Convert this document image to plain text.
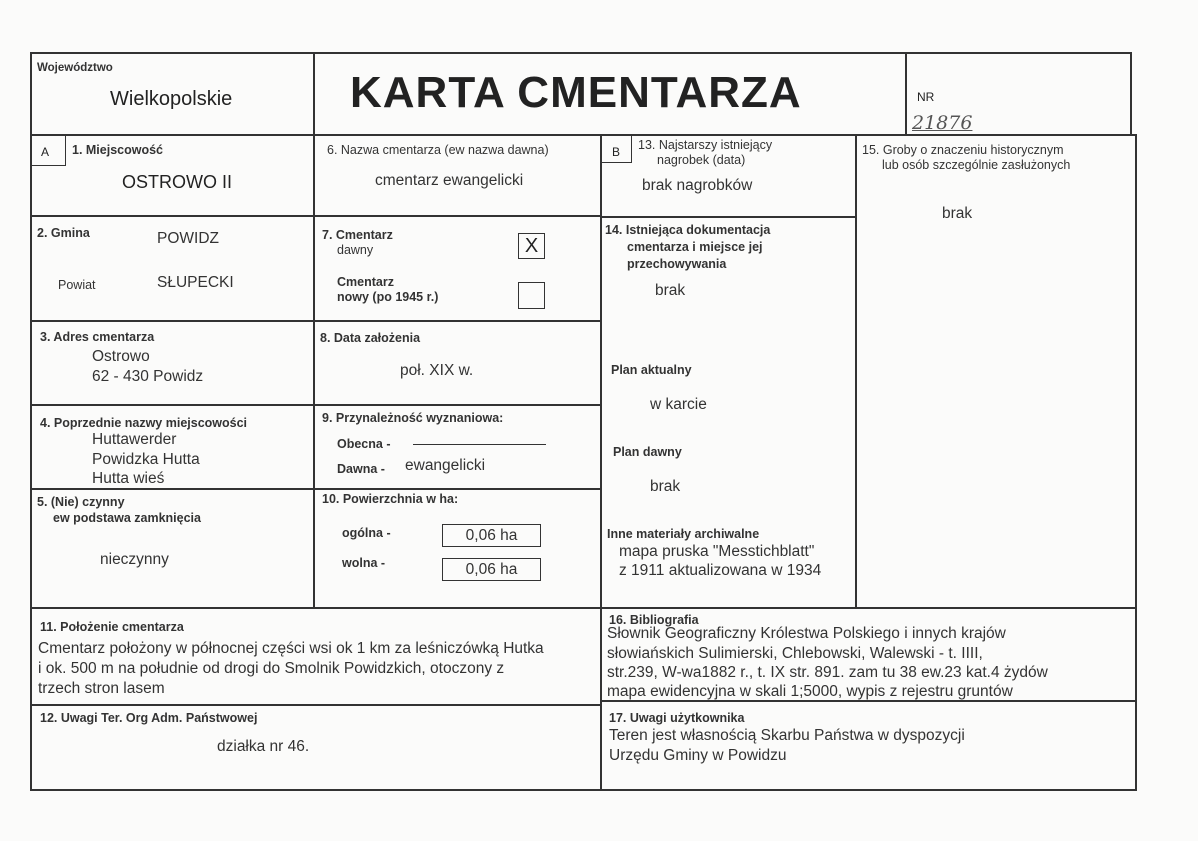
Województwo
Wielkopolskie	KARTA CMENTARZA	NR
21876
A 1. Miejscowość
OSTROWO II
2. Gmina	POWIDZ
Powiat	SŁUPECKI
3. Adres cmentarza
Ostrowo
62 - 430 Powidz
4. Poprzednie nazwy miejscowości
Huttawerder
Powidzka Hutta
Hutta wieś
5. (Nie) czynny
ew podstawa zamknięcia
nieczynny
6. Nazwa cmentarza (ew nazwa dawna)
cmentarz ewangelicki
7. Cmentarz
dawny	X
Cmentarz
nowy (po 1945 r.)
8. Data założenia
poł. XIX w.
9. Przynależność wyznaniowa:
Obecna -
Dawna - ewangelicki
10. Powierzchnia w ha:
ogólna -	0,06 ha
wolna -	0,06 ha
11. Położenie cmentarza
Cmentarz położony w północnej części wsi ok 1 km za leśniczówką Hutka
i ok. 500 m na południe od drogi do Smolnik Powidzkich, otoczony z
trzech stron lasem
12. Uwagi Ter. Org Adm. Państwowej
działka nr 46.
B 13. Najstarszy istniejący
nagrobek (data)
brak nagrobków
14. Istniejąca dokumentacja
cmentarza i miejsce jej
przechowywania
brak
Plan aktualny
w karcie
Plan dawny
brak
Inne materiały archiwalne
mapa pruska "Messtichblatt"
z 1911 aktualizowana w 1934
15. Groby o znaczeniu historycznym
lub osób szczególnie zasłużonych
brak
16. Bibliografia
Słownik Geograficzny Królestwa Polskiego i innych krajów
słowiańskich Sulimierski, Chlebowski, Walewski - t. IIII,
str.239, W-wa1882 r., t. IX str. 891. zam tu 38 ew.23 kat.4 żydów
mapa ewidencyjna w skali 1;5000, wypis z rejestru gruntów
17. Uwagi użytkownika
Teren jest własnością Skarbu Państwa w dyspozycji
Urzędu Gminy w Powidzu
